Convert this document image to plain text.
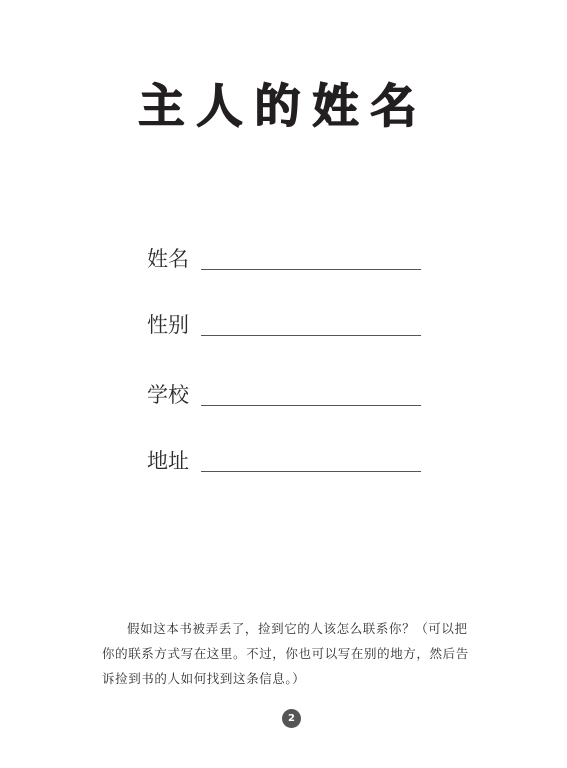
主人的姓名
姓名
性别
学校
地址
假如这本书被弄丢了，捡到它的人该怎么联系你？（可以把你的联系方式写在这里。不过，你也可以写在别的地方，然后告诉捡到书的人如何找到这条信息。）
2
